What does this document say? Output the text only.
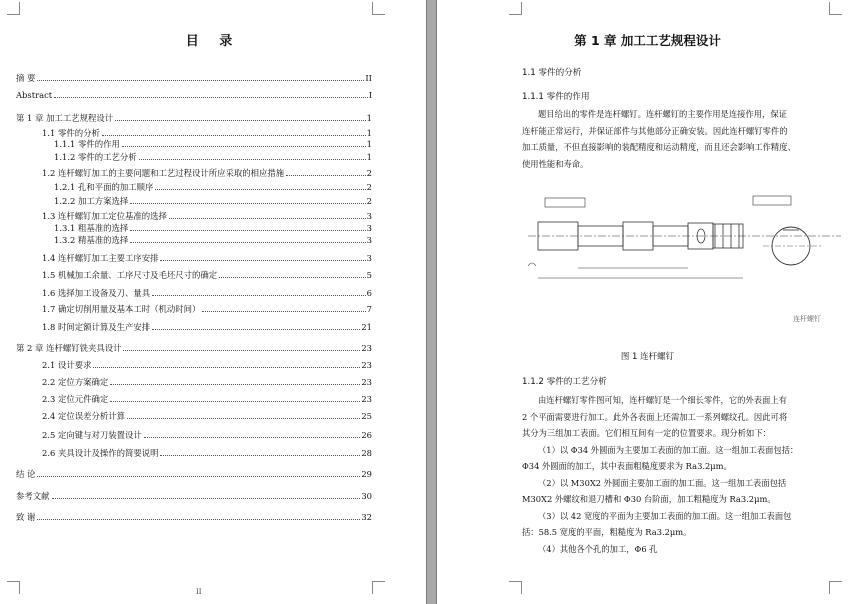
目 录
摘 要	II
Abstract	I
第 1 章 加工工艺规程设计	1
1.1 零件的分析	1
1.1.1 零件的作用	1
1.1.2 零件的工艺分析	1
1.2 连杆螺钉加工的主要问题和工艺过程设计所应采取的相应措施	2
1.2.1 孔和平面的加工顺序	2
1.2.2 加工方案选择	2
1.3 连杆螺钉加工定位基准的选择	3
1.3.1 粗基准的选择	3
1.3.2 精基准的选择	3
1.4 连杆螺钉加工主要工序安排	3
1.5 机械加工余量、工序尺寸及毛坯尺寸的确定	5
1.6 选择加工设备及刀、量具	6
1.7 确定切削用量及基本工时（机动时间）	7
1.8 时间定额计算及生产安排	21
第 2 章 连杆螺钉铣夹具设计	23
2.1 设计要求	23
2.2 定位方案确定	23
2.3 定位元件确定	23
2.4 定位误差分析计算	25
2.5 定向键与对刀装置设计	26
2.6 夹具设计及操作的简要说明	28
结 论	29
参考文献	30
致 谢	32
II
第 1 章 加工工艺规程设计
1.1 零件的分析
1.1.1 零件的作用
题目给出的零件是连杆螺钉。连杆螺钉的主要作用是连接作用，保证
连杆能正常运行，并保证部件与其他部分正确安装。因此连杆螺钉零件的
加工质量，不但直接影响的装配精度和运动精度，而且还会影响工作精度、
使用性能和寿命。
连杆螺钉
图 1 连杆螺钉
1.1.2 零件的工艺分析
由连杆螺钉零件图可知，连杆螺钉是一个细长零件，它的外表面上有
2 个平面需要进行加工。此外各表面上还需加工一系列螺纹孔。因此可将
其分为三组加工表面。它们相互间有一定的位置要求。现分析如下：
（1）以 Φ34 外圆面为主要加工表面的加工面。这一组加工表面包括：
Φ34 外圆面的加工，其中表面粗糙度要求为 Ra3.2μm。
（2）以 M30X2 外圆面主要加工面的加工面。这一组加工表面包括
M30X2 外螺纹和退刀槽和 Φ30 台阶面，加工粗糙度为 Ra3.2μm。
（3）以 42 宽度的平面为主要加工表面的加工面。这一组加工表面包
括：58.5 宽度的平面，粗糙度为 Ra3.2μm。
（4）其他各个孔的加工，Φ6 孔
